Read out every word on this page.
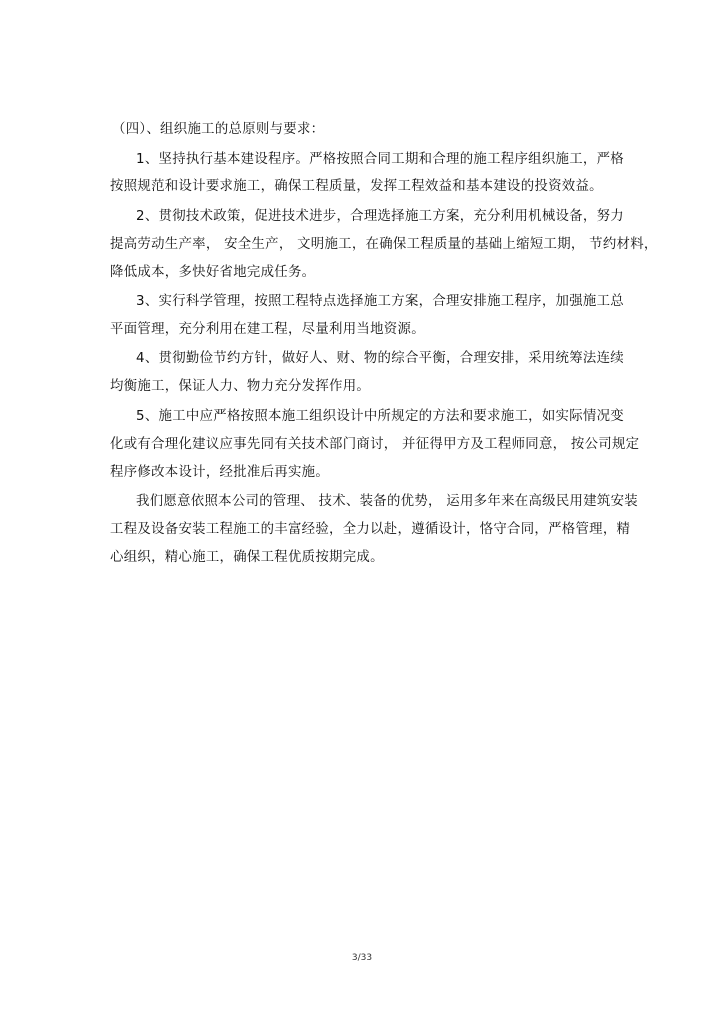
（四）、组织施工的总原则与要求：
1、坚持执行基本建设程序。严格按照合同工期和合理的施工程序组织施工，严格
按照规范和设计要求施工，确保工程质量，发挥工程效益和基本建设的投资效益。
2、贯彻技术政策，促进技术进步，合理选择施工方案，充分利用机械设备，努力
提高劳动生产率， 安全生产， 文明施工，在确保工程质量的基础上缩短工期， 节约材料，
降低成本，多快好省地完成任务。
3、实行科学管理，按照工程特点选择施工方案，合理安排施工程序，加强施工总
平面管理，充分利用在建工程，尽量利用当地资源。
4、贯彻勤俭节约方针，做好人、财、物的综合平衡，合理安排，采用统筹法连续
均衡施工，保证人力、物力充分发挥作用。
5、施工中应严格按照本施工组织设计中所规定的方法和要求施工，如实际情况变
化或有合理化建议应事先同有关技术部门商讨， 并征得甲方及工程师同意， 按公司规定
程序修改本设计，经批准后再实施。
我们愿意依照本公司的管理、 技术、装备的优势， 运用多年来在高级民用建筑安装
工程及设备安装工程施工的丰富经验，全力以赴，遵循设计，恪守合同，严格管理，精
心组织，精心施工，确保工程优质按期完成。
3/33
